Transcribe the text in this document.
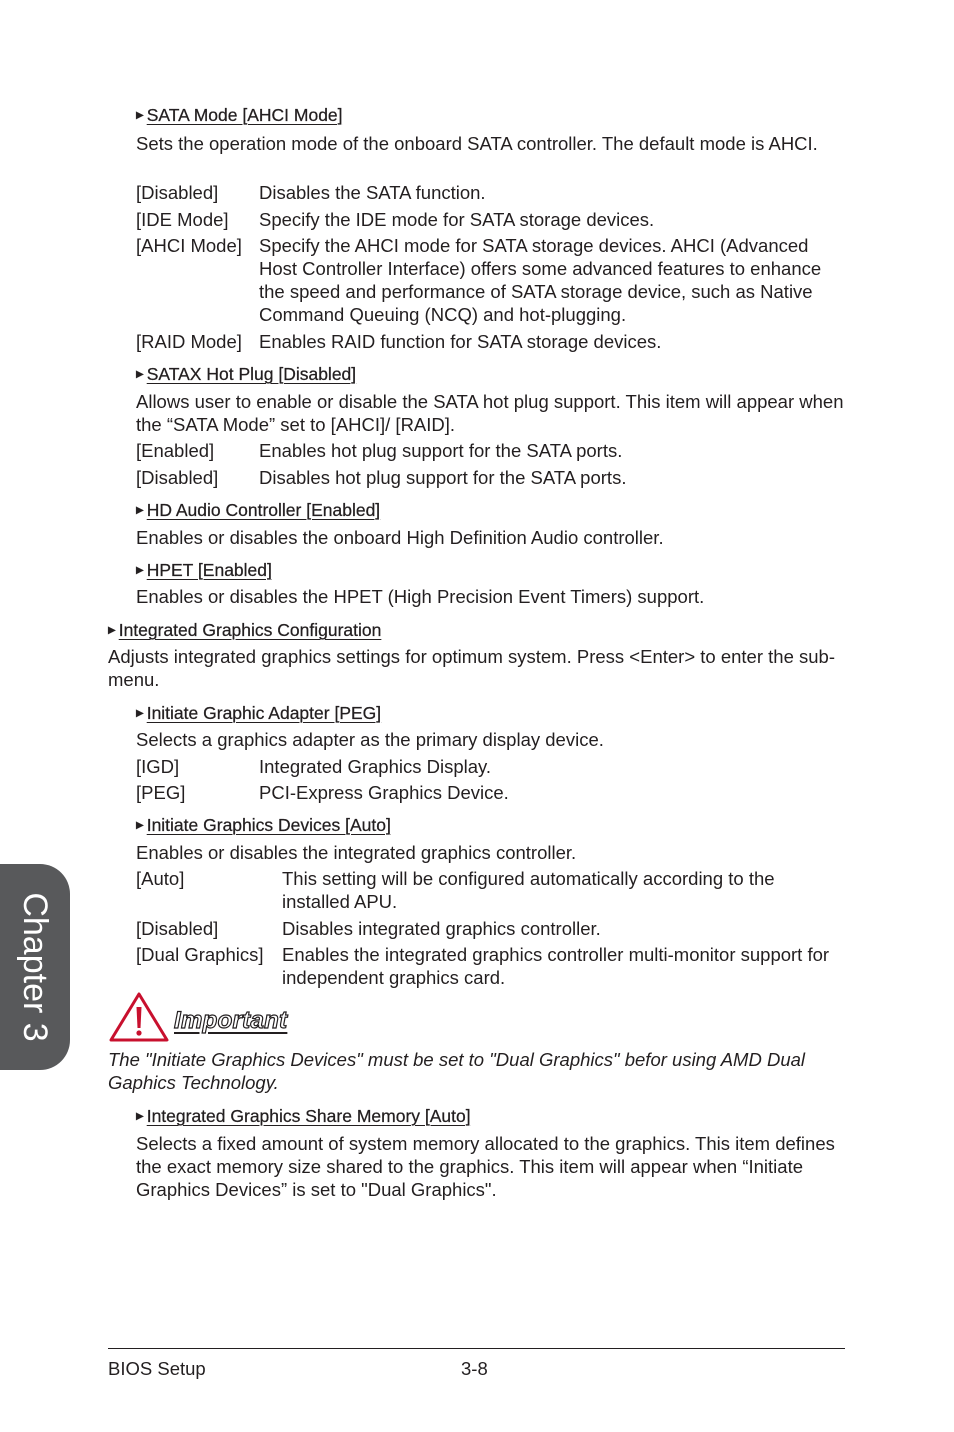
▶ SATA Mode [AHCI Mode]

Sets the operation mode of the onboard SATA controller. The default mode is AHCI.

[Disabled] Disables the SATA function.
[IDE Mode] Specify the IDE mode for SATA storage devices.
[AHCI Mode] Specify the AHCI mode for SATA storage devices. AHCI (Advanced Host Controller Interface) offers some advanced features to enhance the speed and performance of SATA storage device, such as Native Command Queuing (NCQ) and hot-plugging.
[RAID Mode] Enables RAID function for SATA storage devices.
▶ SATAX Hot Plug [Disabled]

Allows user to enable or disable the SATA hot plug support. This item will appear when the “SATA Mode” set to [AHCI]/ [RAID].

[Enabled] Enables hot plug support for the SATA ports.
[Disabled] Disables hot plug support for the SATA ports.
▶ HD Audio Controller [Enabled]

Enables or disables the onboard High Definition Audio controller.

▶ HPET [Enabled]

Enables or disables the HPET (High Precision Event Timers) support.

▶ Integrated Graphics Configuration

Adjusts integrated graphics settings for optimum system. Press <Enter> to enter the sub-menu.

▶ Initiate Graphic Adapter [PEG]

Selects a graphics adapter as the primary display device.

[IGD]	Integrated Graphics Display.
[PEG]	PCI-Express Graphics Device.
▶ Initiate Graphics Devices [Auto]

Enables or disables the integrated graphics controller.

[Auto]	This setting will be configured automatically according to the installed APU.
[Disabled]	Disables integrated graphics controller.
[Dual Graphics] Enables the integrated graphics controller multi-monitor support for independent graphics card.
Important

The "Initiate Graphics Devices" must be set to "Dual Graphics" befor using AMD Dual Gaphics Technology.

▶ Integrated Graphics Share Memory [Auto]

Selects a fixed amount of system memory allocated to the graphics. This item defines the exact memory size shared to the graphics. This item will appear when “Initiate Graphics Devices” is set to "Dual Graphics".

Chapter 3
BIOS Setup	3-8
